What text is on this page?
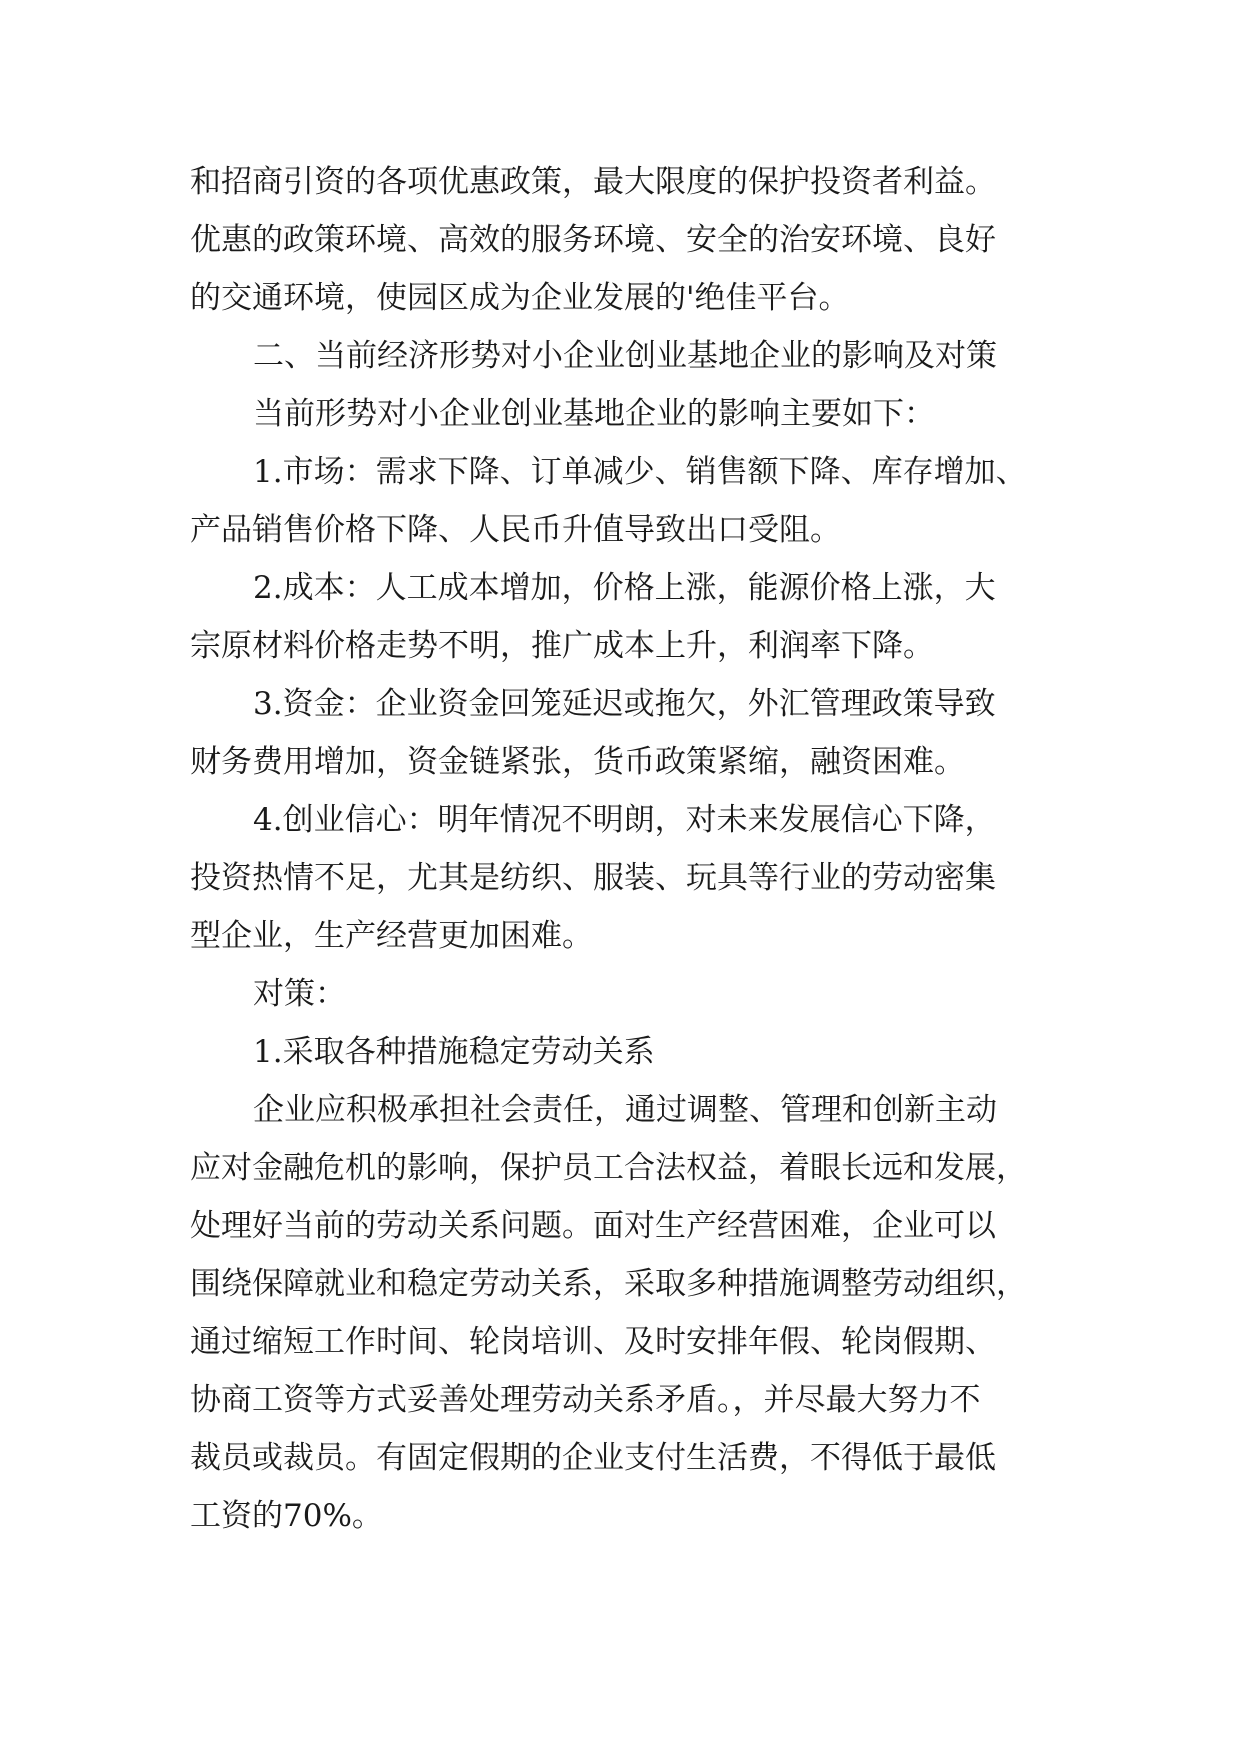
和招商引资的各项优惠政策，最大限度的保护投资者利益。
优惠的政策环境、高效的服务环境、安全的治安环境、良好
的交通环境，使园区成为企业发展的'绝佳平台。
二、当前经济形势对小企业创业基地企业的影响及对策
当前形势对小企业创业基地企业的影响主要如下：
1.市场：需求下降、订单减少、销售额下降、库存增加、
产品销售价格下降、人民币升值导致出口受阻。
2.成本：人工成本增加，价格上涨，能源价格上涨，大
宗原材料价格走势不明，推广成本上升，利润率下降。
3.资金：企业资金回笼延迟或拖欠，外汇管理政策导致
财务费用增加，资金链紧张，货币政策紧缩，融资困难。
4.创业信心：明年情况不明朗，对未来发展信心下降，
投资热情不足，尤其是纺织、服装、玩具等行业的劳动密集
型企业，生产经营更加困难。
对策：
1.采取各种措施稳定劳动关系
企业应积极承担社会责任，通过调整、管理和创新主动
应对金融危机的影响，保护员工合法权益，着眼长远和发展，
处理好当前的劳动关系问题。面对生产经营困难，企业可以
围绕保障就业和稳定劳动关系，采取多种措施调整劳动组织，
通过缩短工作时间、轮岗培训、及时安排年假、轮岗假期、
协商工资等方式妥善处理劳动关系矛盾。，并尽最大努力不
裁员或裁员。有固定假期的企业支付生活费，不得低于最低
工资的70%。
